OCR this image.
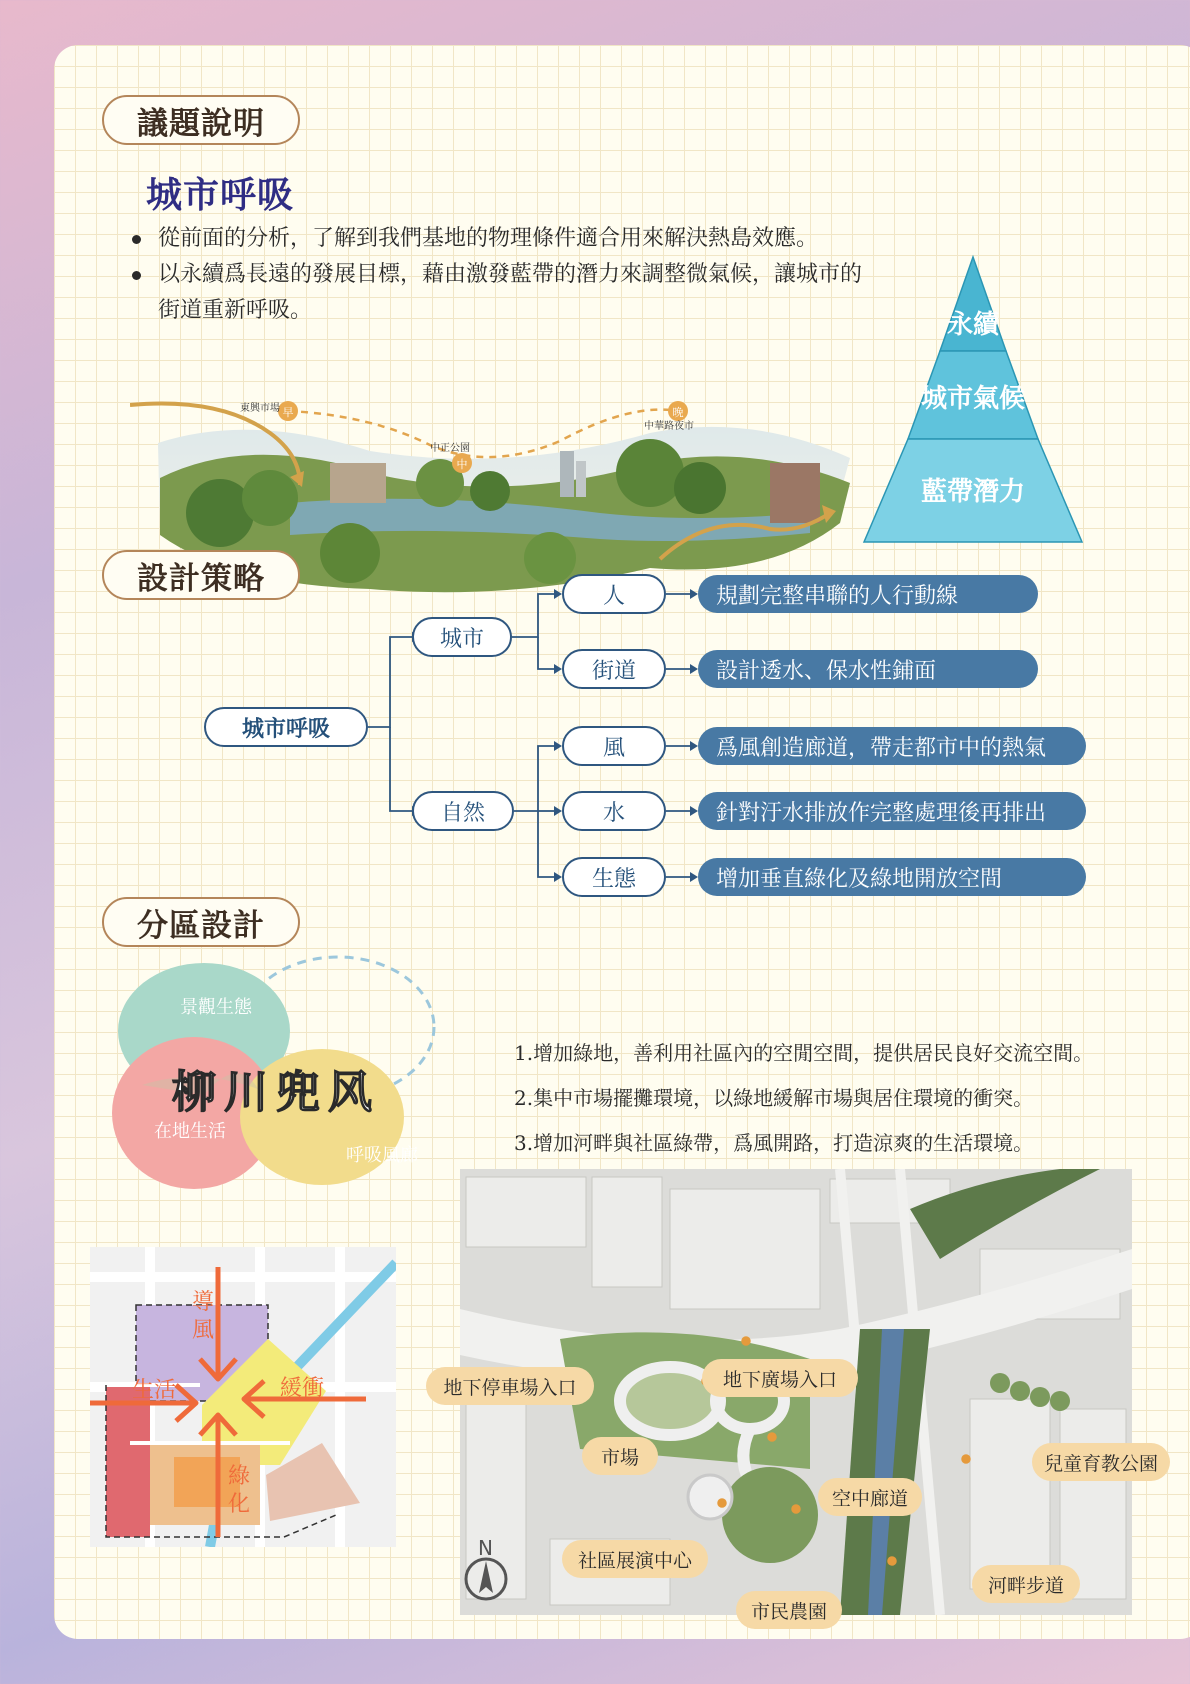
議題說明
城市呼吸
從前面的分析，了解到我們基地的物理條件適合用來解決熱島效應。
以永續爲長遠的發展目標，藉由激發藍帶的潛力來調整微氣候，讓城市的街道重新呼吸。
早
中
晚
東興市場
中正公園
中華路夜市
永續
城市氣候
藍帶潛力
設計策略
城市呼吸
城市
自然
人
街道
風
水
生態
規劃完整串聯的人行動線
設計透水、保水性鋪面
爲風創造廊道，帶走都市中的熱氣
針對汙水排放作完整處理後再排出
增加垂直綠化及綠地開放空間
分區設計
景觀生態
在地生活
呼吸風廊
柳川兜风

1.增加綠地，善利用社區內的空閒空間，提供居民良好交流空間。

2.集中市場擺攤環境，以綠地緩解市場與居住環境的衝突。

3.增加河畔與社區綠帶，爲風開路，打造涼爽的生活環境。

導
風
生活	緩衝
綠
化
N
地下停車場入口	地下廣場入口
市場
空中廊道
兒童育教公園
社區展演中心
市民農園
河畔步道
